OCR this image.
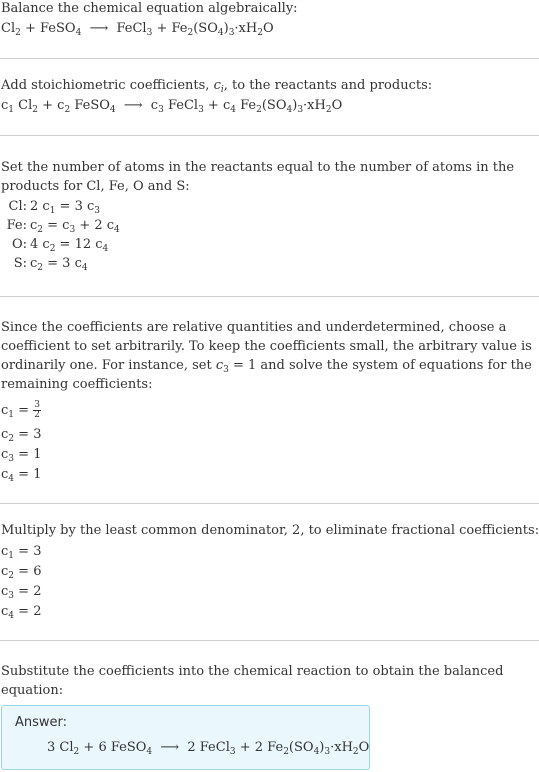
Balance the chemical equation algebraically:
$Cl_2$ + FeSO$_4$  ⟶  FeCl$_3$ + $Fe_2(SO_4)_3\cdot xH_2O$
Add stoichiometric coefficients, $c_i$, to the reactants and products:
$c_1$ $Cl_2 + c_2$ FeSO$_4$  ⟶  $c_3$ FeCl$_3$ + $c_4$ $Fe_2(SO_4)_3\cdot xH_2O$
Set the number of atoms in the reactants equal to the number of atoms in the
products for Cl, Fe, O and S:
Cl: 2 $c_1 = 3$ $c_3$
Fe: $c_2 = c_3 + 2$ $c_4$
O: 4 $c_2 = 12$ $c_4$
S: $c_2 = 3$ $c_4$
Since the coefficients are relative quantities and underdetermined, choose a
coefficient to set arbitrarily. To keep the coefficients small, the arbitrary value is
ordinarily one. For instance, set $c_3 = 1$ and solve the system of equations for the
remaining coefficients:
$c_1 = \frac{3}{2}$
$c_2 = 3$
$c_3 = 1$
$c_4 = 1$
Multiply by the least common denominator, 2, to eliminate fractional coefficients:
$c_1 = 3$
$c_2 = 6$
$c_3 = 2$
$c_4 = 2$
Substitute the coefficients into the chemical reaction to obtain the balanced
equation:
Answer:
3 $Cl_2 + 6$ FeSO$_4$  ⟶  2 FeCl$_3$ + 2 $Fe_2(SO_4)_3\cdot xH_2O$
